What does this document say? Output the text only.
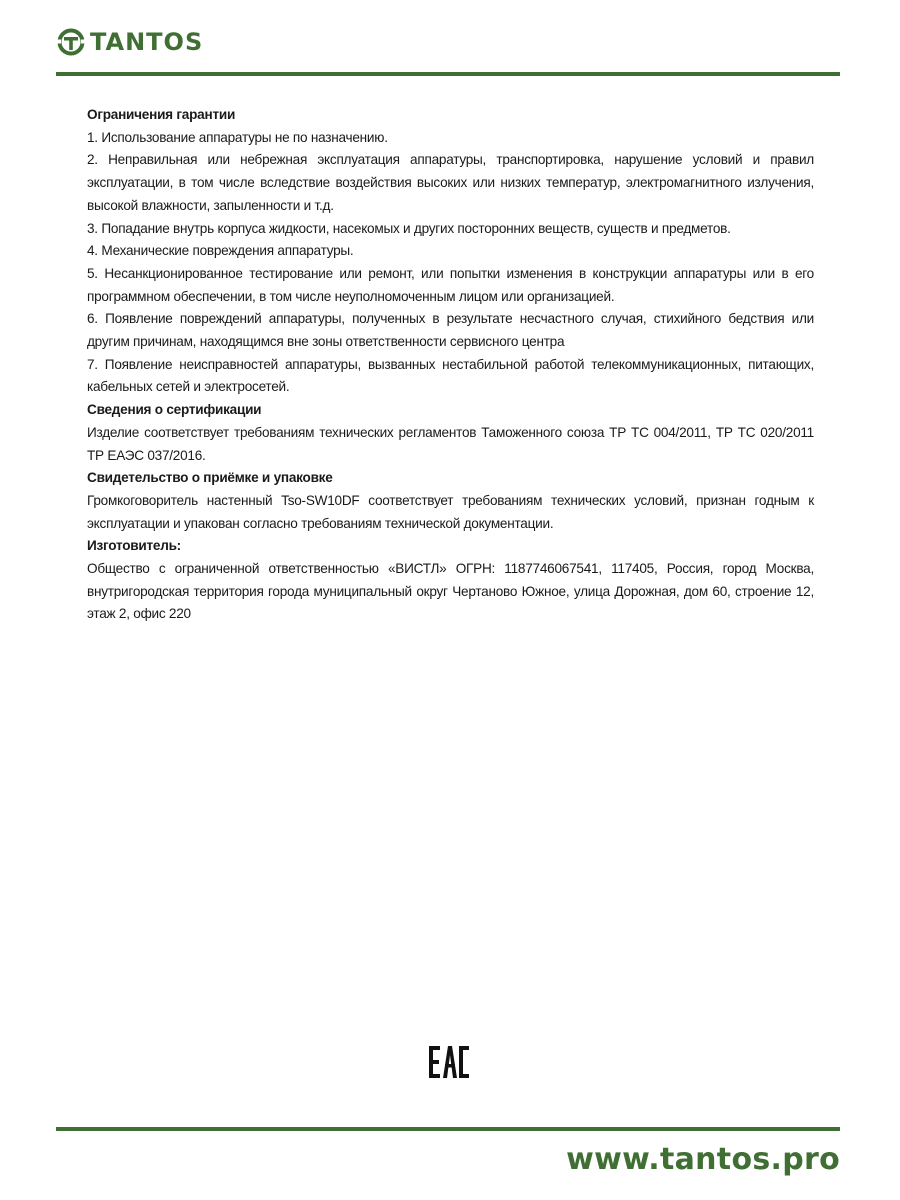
TANTOS

Ограничения гарантии

1. Использование аппаратуры не по назначению.

2. Неправильная или небрежная эксплуатация аппаратуры, транспортировка, нарушение условий и правил эксплуатации, в том числе вследствие воздействия высоких или низких температур, электромагнитного излучения, высокой влажности, запыленности и т.д.

3. Попадание внутрь корпуса жидкости, насекомых и других посторонних веществ, существ и предметов.

4. Механические повреждения аппаратуры.

5. Несанкционированное тестирование или ремонт, или попытки изменения в конструкции аппаратуры или в его программном обеспечении, в том числе неуполномоченным лицом или организацией.

6. Появление повреждений аппаратуры, полученных в результате несчастного случая, стихийного бедствия или другим причинам, находящимся вне зоны ответственности сервисного центра

7. Появление неисправностей аппаратуры, вызванных нестабильной работой телекоммуникационных, питающих, кабельных сетей и электросетей.

Сведения о сертификации

Изделие соответствует требованиям технических регламентов Таможенного союза ТР ТС 004/2011, ТР ТС 020/2011 ТР ЕАЭС 037/2016.

Свидетельство о приёмке и упаковке

Громкоговоритель настенный Tso-SW10DF соответствует требованиям технических условий, признан годным к эксплуатации и упакован согласно требованиям технической документации.

Изготовитель:

Общество с ограниченной ответственностью «ВИСТЛ» ОГРН: 1187746067541, 117405, Россия, город Москва, внутригородская территория города муниципальный округ Чертаново Южное, улица Дорожная, дом 60, строение 12, этаж 2, офис 220

www.tantos.pro
